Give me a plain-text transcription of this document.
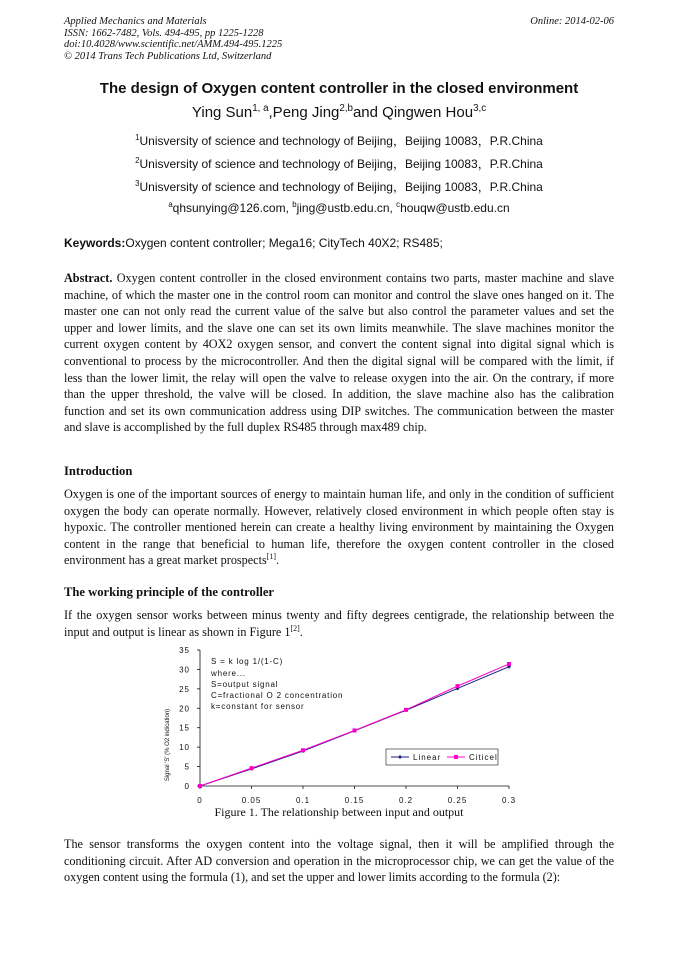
Applied Mechanics and Materials
ISSN: 1662-7482, Vols. 494-495, pp 1225-1228
doi:10.4028/www.scientific.net/AMM.494-495.1225
© 2014 Trans Tech Publications Ltd, Switzerland
Online: 2014-02-06
The design of Oxygen content controller in the closed environment
Ying Sun$^{1, a}$,Peng Jing$^{2,b}$and Qingwen Hou$^{3,c}$
$^1$Unisversity of science and technology of Beijing，Beijing 10083，P.R.China
$^2$Unisversity of science and technology of Beijing，Beijing 10083，P.R.China
$^3$Unisversity of science and technology of Beijing，Beijing 10083，P.R.China
$^a$qhsunying@126.com, $^b$jing@ustb.edu.cn, $^c$houqw@ustb.edu.cn
Keywords:Oxygen content controller; Mega16; CityTech 40X2; RS485;
Abstract. Oxygen content controller in the closed environment contains two parts, master machine and slave machine, of which the master one in the control room can monitor and control the slave ones hanged on it. The master one can not only read the current value of the salve but also control the parameter values and set the upper and lower limits, and the slave one can set its own limits meanwhile. The slave machines monitor the current oxygen content by 4OX2 oxygen sensor, and convert the content signal into digital signal which is conventional to process by the microcontroller. And then the digital signal will be compared with the limit, if less than the lower limit, the relay will open the valve to release oxygen into the air. On the contrary, if more than the upper threshold, the valve will be closed. In addition, the slave machine also has the calibration function and set its own communication address using DIP switches. The communication between the master and slave is accomplished by the full duplex RS485 through max489 chip.
Introduction
Oxygen is one of the important sources of energy to maintain human life, and only in the condition of sufficient oxygen the body can operate normally. However, relatively closed environment in which people often stay is hypoxic. The controller mentioned herein can create a healthy living environment by maintaining the Oxygen content in the range that beneficial to human life, therefore the oxygen content controller in the closed environment has a great market prospects[1].
The working principle of the controller
If the oxygen sensor works between minus twenty and fifty degrees centigrade, the relationship between the input and output is linear as shown in Figure 1[2].
0
5
10
15
20
25
30
35
0	0.05	0.1	0.15	0.2	0.25	0.3
Signal 'S' (% O2 indication)
S = k log 1/(1-C)
where...
S=output signal
C=fractional O 2 concentration
k=constant for sensor
Linear	Citicel
Figure 1. The relationship between input and output
The sensor transforms the oxygen content into the voltage signal, then it will be amplified through the conditioning circuit. After AD conversion and operation in the microprocessor chip, we can get the value of the oxygen content using the formula (1), and set the upper and lower limits according to the formula (2):
